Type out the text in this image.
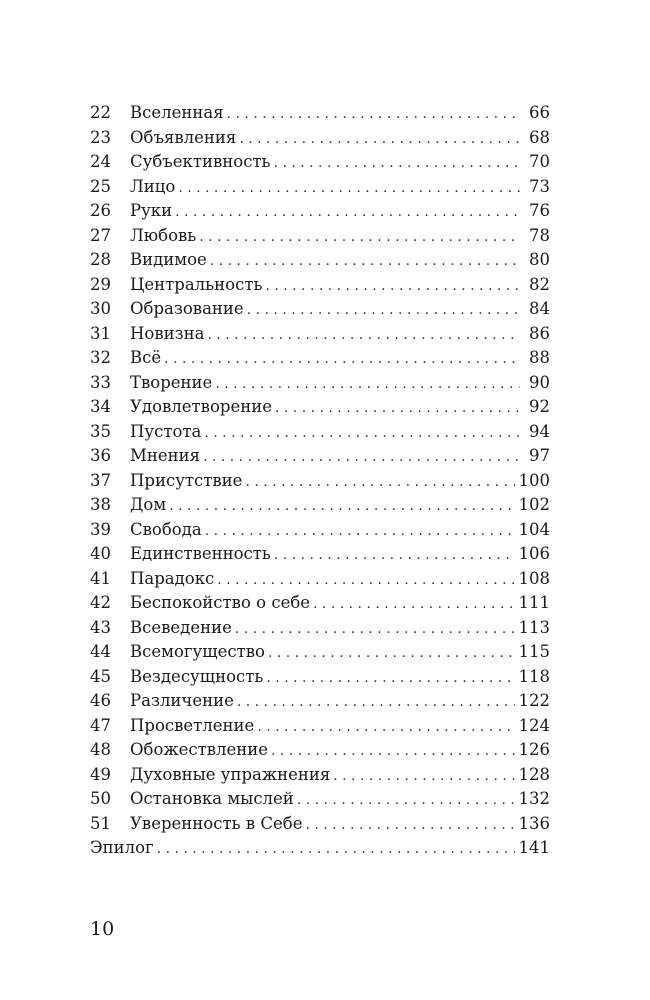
22	Вселенная . . .	66
23	Объявления . . .	68
24	Субъективность . . .	70
25	Лицо . . .	73
26	Руки . . .	76
27	Любовь . . .	78
28	Видимое . . .	80
29	Центральность . . .	82
30	Образование . . .	84
31	Новизна . . .	86
32	Всё . . .	88
33	Творение . . .	90
34	Удовлетворение . . .	92
35	Пустота . . .	94
36	Мнения . . .	97
37	Присутствие . . .	100
38	Дом . . .	102
39	Свобода . . .	104
40	Единственность . . .	106
41	Парадокс . . .	108
42	Беспокойство о себе . . .	111
43	Всеведение . . .	113
44	Всемогущество . . .	115
45	Вездесущность . . .	118
46	Различение . . .	122
47	Просветление . . .	124
48	Обожествление . . .	126
49	Духовные упражнения . . .	128
50	Остановка мыслей . . .	132
51	Уверенность в Себе . . .	136
Эпилог . . .	141
10
